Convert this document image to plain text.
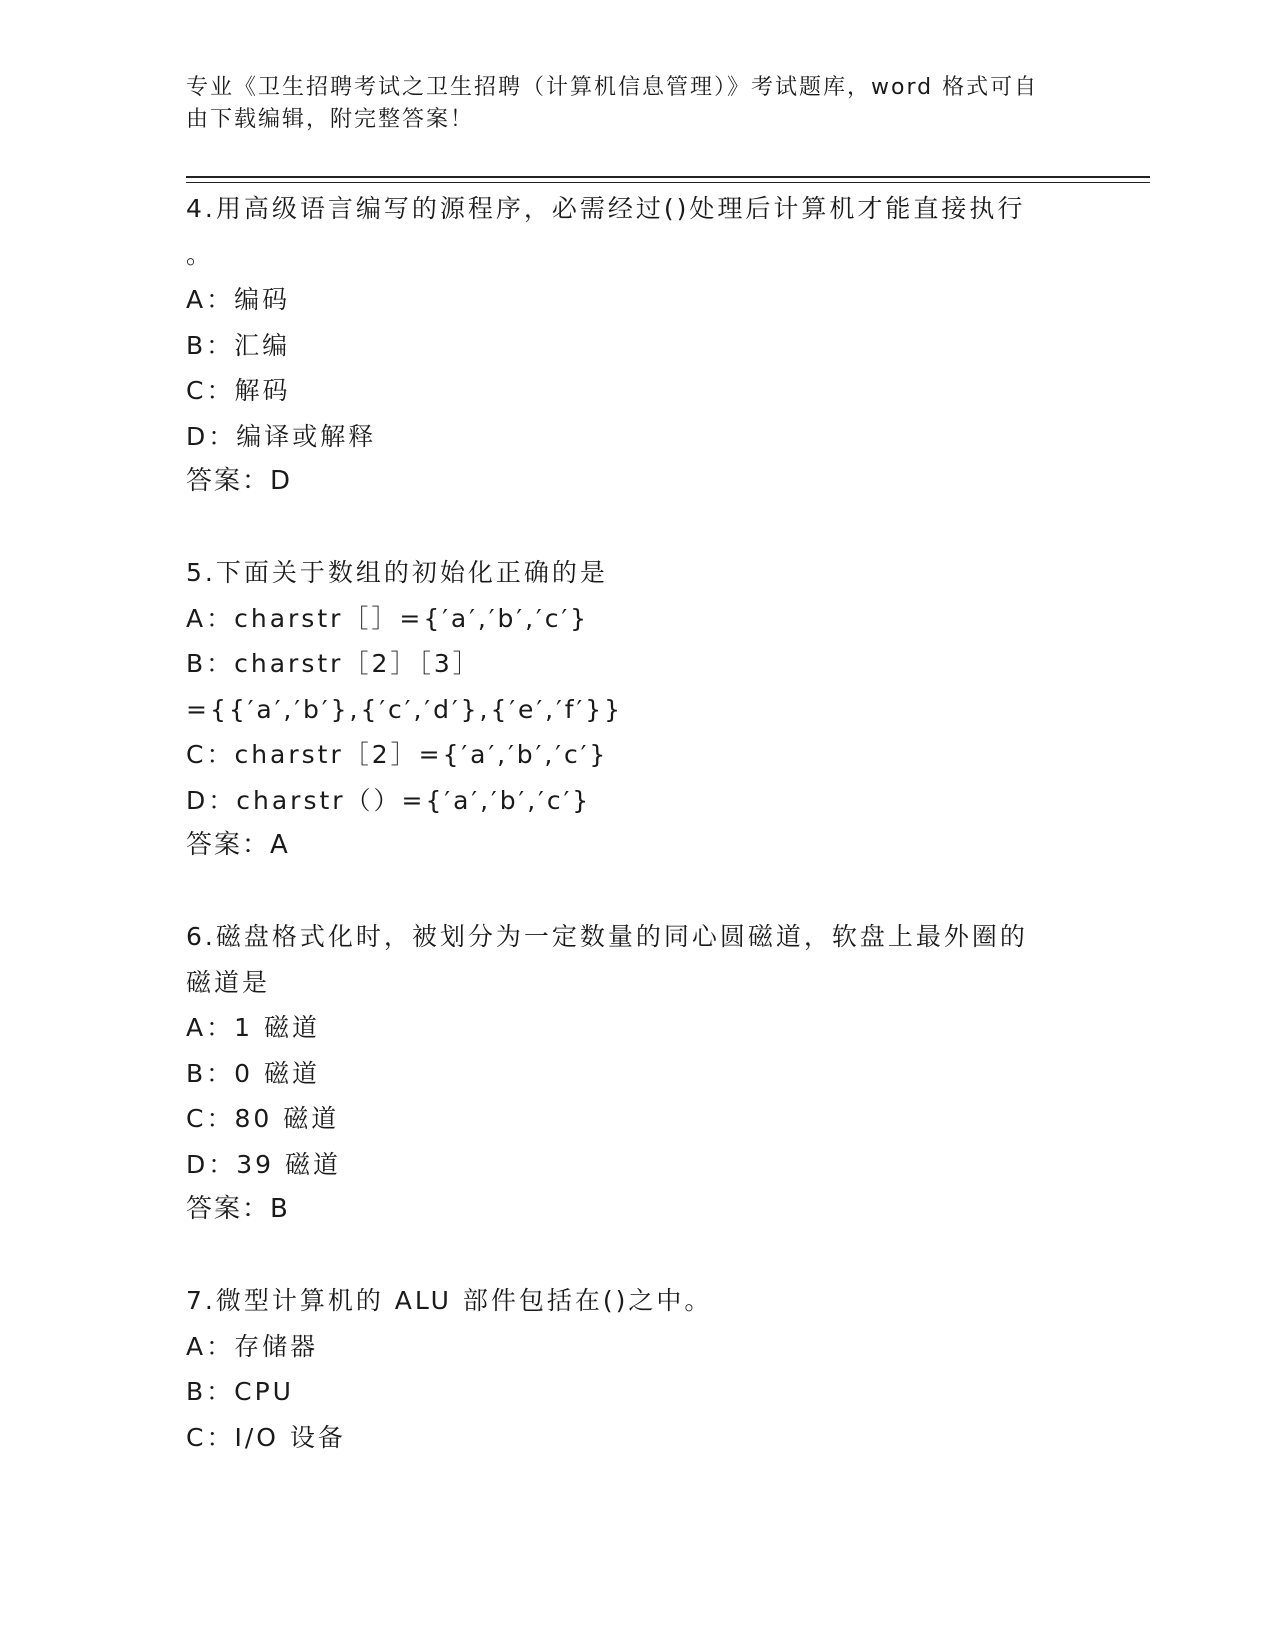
专业《卫生招聘考试之卫生招聘（计算机信息管理）》考试题库，word 格式可自
由下载编辑，附完整答案！
4.用高级语言编写的源程序，必需经过()处理后计算机才能直接执行
。
A：编码
B：汇编
C：解码
D：编译或解释
答案：D
5.下面关于数组的初始化正确的是
A：charstr［］={′a′,′b′,′c′}
B：charstr［2］［3］
={{′a′,′b′},{′c′,′d′},{′e′,′f′}}
C：charstr［2］={′a′,′b′,′c′}
D：charstr（）={′a′,′b′,′c′}
答案：A
6.磁盘格式化时，被划分为一定数量的同心圆磁道，软盘上最外圈的
磁道是
A：1 磁道
B：0 磁道
C：80 磁道
D：39 磁道
答案：B
7.微型计算机的 ALU 部件包括在()之中。
A：存储器
B：CPU
C：I/O 设备
